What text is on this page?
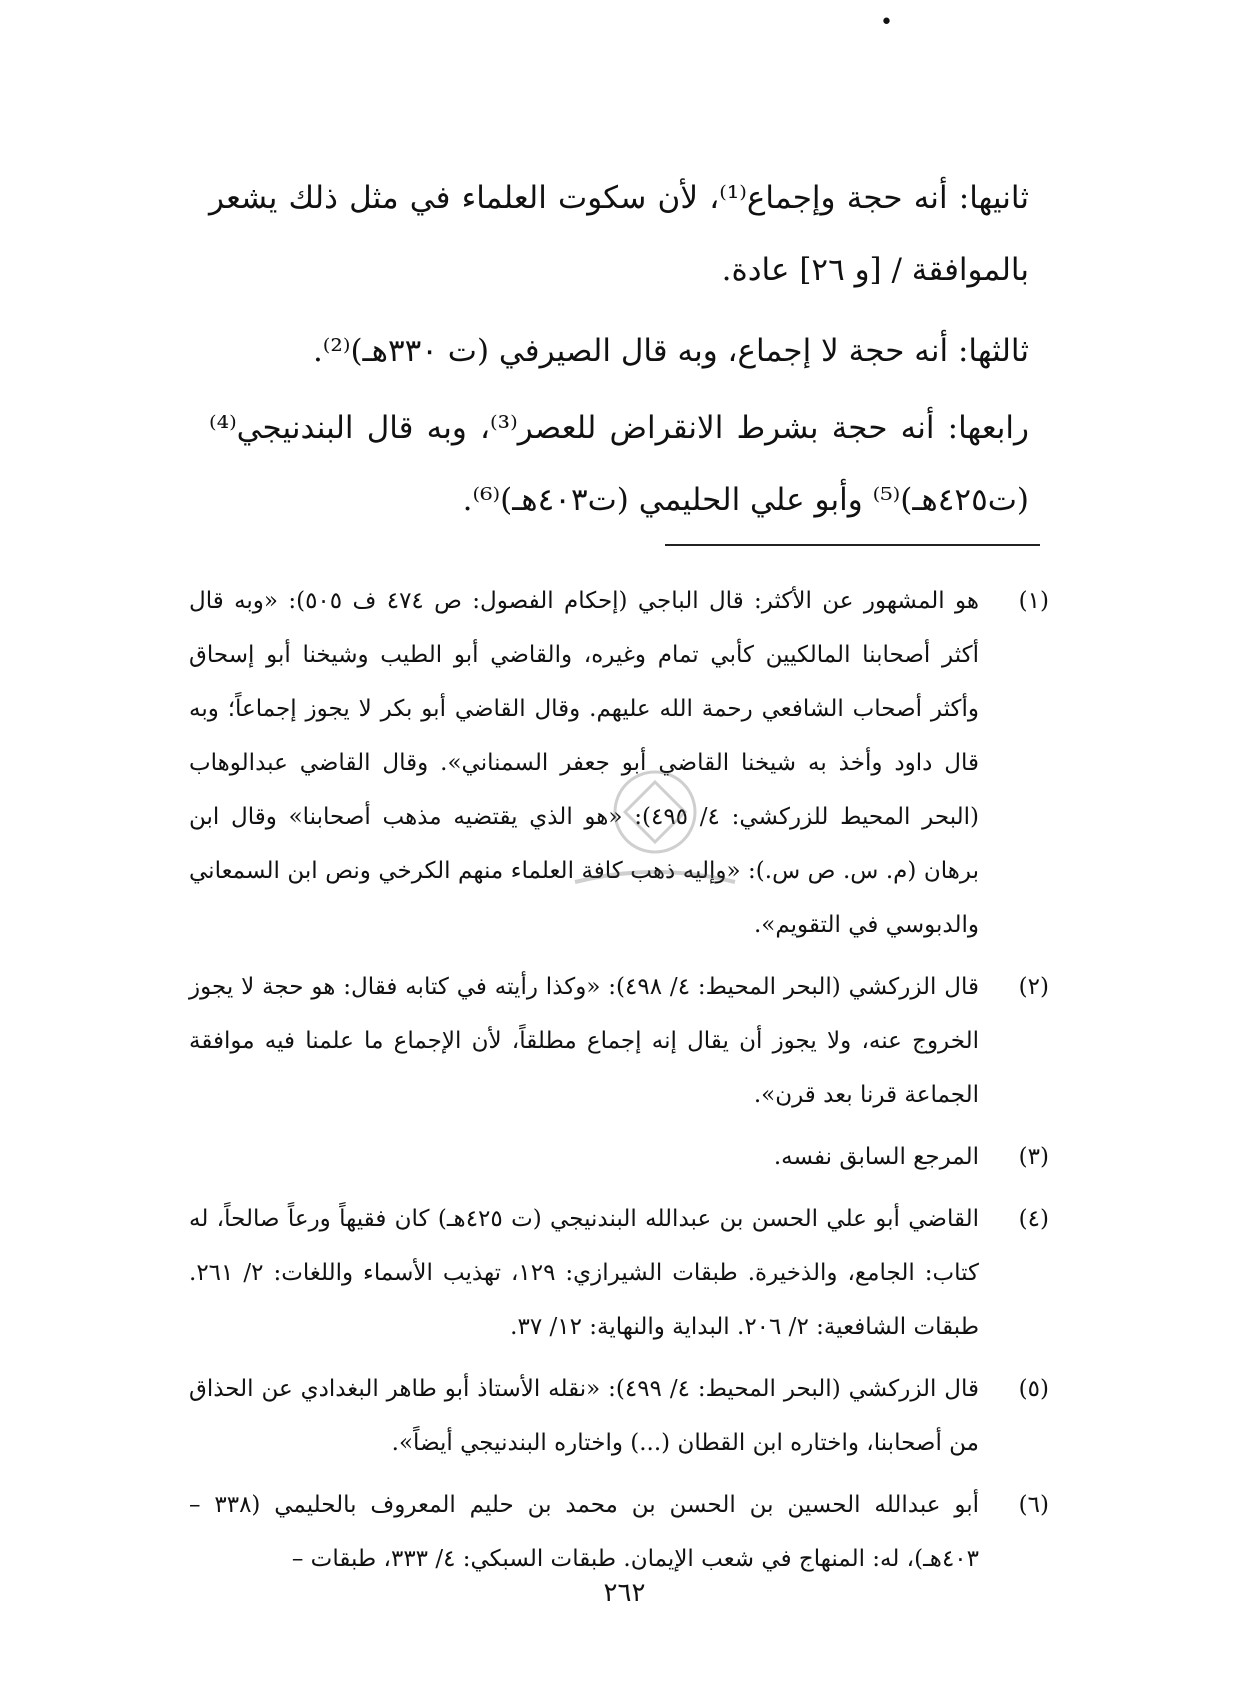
•

ثانيها: أنه حجة وإجماع⁽¹⁾، لأن سكوت العلماء في مثل ذلك يشعر بالموافقة / [و ٢٦] عادة.

ثالثها: أنه حجة لا إجماع، وبه قال الصيرفي (ت ٣٣٠هـ)⁽²⁾.

رابعها: أنه حجة بشرط الانقراض للعصر⁽³⁾، وبه قال البندنيجي⁽⁴⁾ (ت٤٢٥هـ)⁽⁵⁾ وأبو علي الحليمي (ت٤٠٣هـ)⁽⁶⁾.

(١)
هو المشهور عن الأكثر: قال الباجي (إحكام الفصول: ص ٤٧٤ ف ٥٠٥): «وبه قال أكثر أصحابنا المالكيين كأبي تمام وغيره، والقاضي أبو الطيب وشيخنا أبو إسحاق وأكثر أصحاب الشافعي رحمة الله عليهم. وقال القاضي أبو بكر لا يجوز إجماعاً؛ وبه قال داود وأخذ به شيخنا القاضي أبو جعفر السمناني». وقال القاضي عبدالوهاب (البحر المحيط للزركشي: ٤/ ٤٩٥): «هو الذي يقتضيه مذهب أصحابنا» وقال ابن برهان (م. س. ص س.): «وإليه ذهب كافة العلماء منهم الكرخي ونص ابن السمعاني والدبوسي في التقويم».
(٢)
قال الزركشي (البحر المحيط: ٤/ ٤٩٨): «وكذا رأيته في كتابه فقال: هو حجة لا يجوز الخروج عنه، ولا يجوز أن يقال إنه إجماع مطلقاً، لأن الإجماع ما علمنا فيه موافقة الجماعة قرنا بعد قرن».
(٣)
المرجع السابق نفسه.
(٤)
القاضي أبو علي الحسن بن عبدالله البندنيجي (ت ٤٢٥هـ) كان فقيهاً ورعاً صالحاً، له كتاب: الجامع، والذخيرة. طبقات الشيرازي: ١٢٩، تهذيب الأسماء واللغات: ٢/ ٢٦١. طبقات الشافعية: ٢/ ٢٠٦. البداية والنهاية: ١٢/ ٣٧.
(٥)
قال الزركشي (البحر المحيط: ٤/ ٤٩٩): «نقله الأستاذ أبو طاهر البغدادي عن الحذاق من أصحابنا، واختاره ابن القطان (...) واختاره البندنيجي أيضاً».
(٦)
أبو عبدالله الحسين بن الحسن بن محمد بن حليم المعروف بالحليمي (٣٣٨ – ٤٠٣هـ)، له: المنهاج في شعب الإيمان. طبقات السبكي: ٤/ ٣٣٣، طبقات –
٢٦٢
